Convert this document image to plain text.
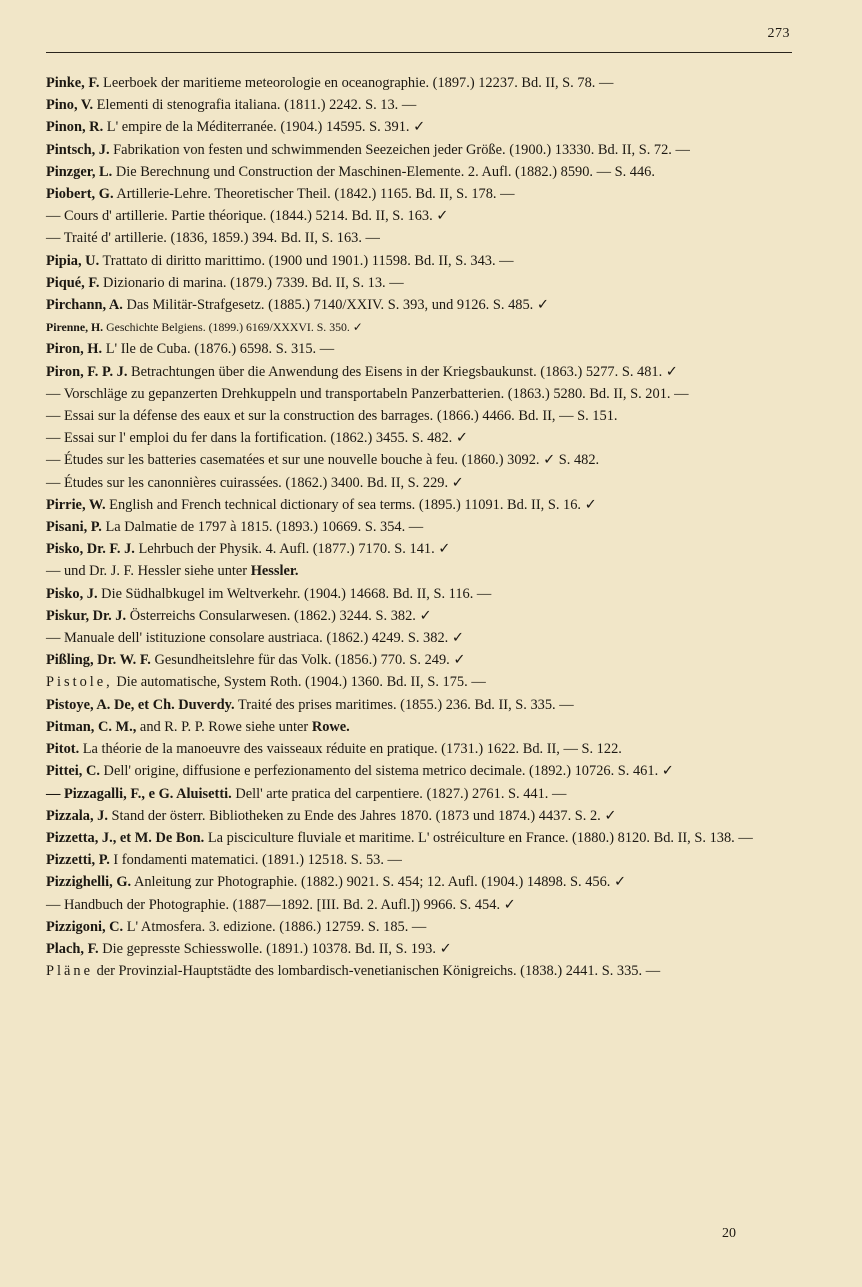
273

Pinke, F. Leerboek der maritieme meteorologie en oceanographie. (1897.) 12237. Bd. II, S. 78. —

Pino, V. Elementi di stenografia italiana. (1811.) 2242. S. 13. —

Pinon, R. L' empire de la Méditerranée. (1904.) 14595. S. 391. ✓

Pintsch, J. Fabrikation von festen und schwimmenden Seezeichen jeder Größe. (1900.) 13330. Bd. II, S. 72. —

Pinzger, L. Die Berechnung und Construction der Maschinen-Elemente. 2. Aufl. (1882.) 8590. — S. 446.

Piobert, G. Artillerie-Lehre. Theoretischer Theil. (1842.) 1165. Bd. II, S. 178. —

— Cours d' artillerie. Partie théorique. (1844.) 5214. Bd. II, S. 163. ✓

— Traité d' artillerie. (1836, 1859.) 394. Bd. II, S. 163. —

Pipia, U. Trattato di diritto marittimo. (1900 und 1901.) 11598. Bd. II, S. 343. —

Piqué, F. Dizionario di marina. (1879.) 7339. Bd. II, S. 13. —

Pirchann, A. Das Militär-Strafgesetz. (1885.) 7140/XXIV. S. 393, und 9126. S. 485. ✓

Pirenne, H. Geschichte Belgiens. (1899.) 6169/XXXVI. S. 350. ✓

Piron, H. L' Ile de Cuba. (1876.) 6598. S. 315. —

Piron, F. P. J. Betrachtungen über die Anwendung des Eisens in der Kriegsbaukunst. (1863.) 5277. S. 481. ✓

— Vorschläge zu gepanzerten Drehkuppeln und transportabeln Panzerbatterien. (1863.) 5280. Bd. II, S. 201. —

— Essai sur la défense des eaux et sur la construction des barrages. (1866.) 4466. Bd. II, — S. 151.

— Essai sur l' emploi du fer dans la fortification. (1862.) 3455. S. 482. ✓

— Études sur les batteries casematées et sur une nouvelle bouche à feu. (1860.) 3092. ✓ S. 482.

— Études sur les canonnières cuirassées. (1862.) 3400. Bd. II, S. 229. ✓

Pirrie, W. English and French technical dictionary of sea terms. (1895.) 11091. Bd. II, S. 16. ✓

Pisani, P. La Dalmatie de 1797 à 1815. (1893.) 10669. S. 354. —

Pisko, Dr. F. J. Lehrbuch der Physik. 4. Aufl. (1877.) 7170. S. 141. ✓

— und Dr. J. F. Hessler siehe unter Hessler.

Pisko, J. Die Südhalbkugel im Weltverkehr. (1904.) 14668. Bd. II, S. 116. —

Piskur, Dr. J. Österreichs Consularwesen. (1862.) 3244. S. 382. ✓

— Manuale dell' istituzione consolare austriaca. (1862.) 4249. S. 382. ✓

Pißling, Dr. W. F. Gesundheitslehre für das Volk. (1856.) 770. S. 249. ✓

Pistole, Die automatische, System Roth. (1904.) 1360. Bd. II, S. 175. —

Pistoye, A. De, et Ch. Duverdy. Traité des prises maritimes. (1855.) 236. Bd. II, S. 335. —

Pitman, C. M., and R. P. P. Rowe siehe unter Rowe.

Pitot. La théorie de la manoeuvre des vaisseaux réduite en pratique. (1731.) 1622. Bd. II, — S. 122.

Pittei, C. Dell' origine, diffusione e perfezionamento del sistema metrico decimale. (1892.) 10726. S. 461. ✓

— Pizzagalli, F., e G. Aluisetti. Dell' arte pratica del carpentiere. (1827.) 2761. S. 441. —

Pizzala, J. Stand der österr. Bibliotheken zu Ende des Jahres 1870. (1873 und 1874.) 4437. S. 2. ✓

Pizzetta, J., et M. De Bon. La pisciculture fluviale et maritime. L' ostréiculture en France. (1880.) 8120. Bd. II, S. 138. —

Pizzetti, P. I fondamenti matematici. (1891.) 12518. S. 53. —

Pizzighelli, G. Anleitung zur Photographie. (1882.) 9021. S. 454; 12. Aufl. (1904.) 14898. S. 456. ✓

— Handbuch der Photographie. (1887—1892. [III. Bd. 2. Aufl.]) 9966. S. 454. ✓

Pizzigoni, C. L' Atmosfera. 3. edizione. (1886.) 12759. S. 185. —

Plach, F. Die gepresste Schiesswolle. (1891.) 10378. Bd. II, S. 193. ✓

Pläne der Provinzial-Hauptstädte des lombardisch-venetianischen Königreichs. (1838.) 2441. S. 335. —

20
